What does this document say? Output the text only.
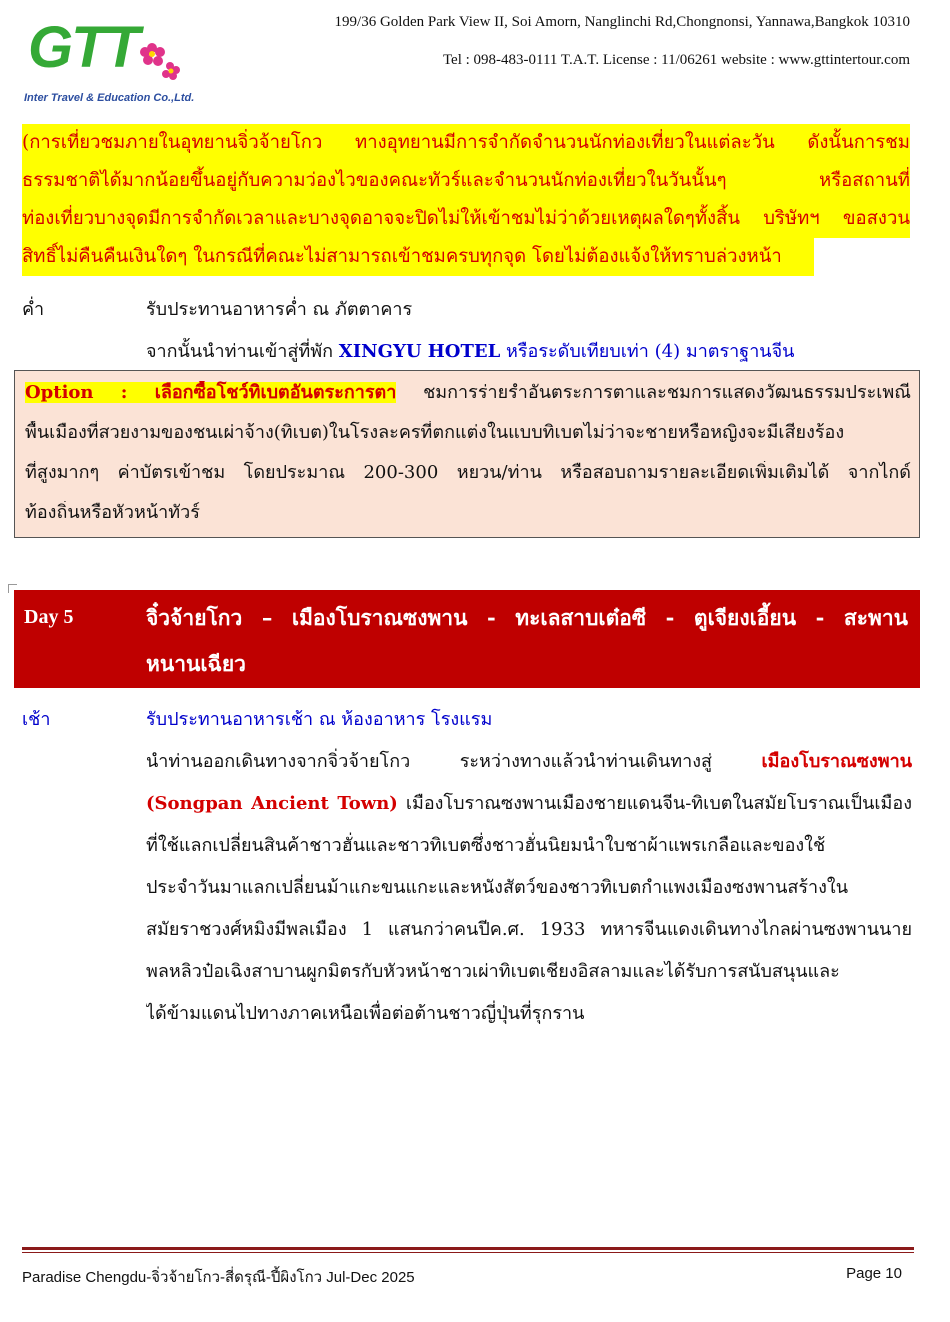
GTT
Inter Travel & Education Co.,Ltd.
199/36 Golden Park View II, Soi Amorn, Nanglinchi Rd,Chongnonsi, Yannawa,Bangkok 10310
Tel : 098-483-0111 T.A.T. License : 11/06261 website : www.gttintertour.com
(การเที่ยวชมภายในอุทยานจิ่วจ้ายโกว ทางอุทยานมีการจำกัดจำนวนนักท่องเที่ยวในแต่ละวัน ดังนั้นการชม
ธรรมชาติได้มากน้อยขึ้นอยู่กับความว่องไวของคณะทัวร์และจำนวนนักท่องเที่ยวในวันนั้นๆ หรือสถานที่
ท่องเที่ยวบางจุดมีการจำกัดเวลาและบางจุดอาจจะปิดไม่ให้เข้าชมไม่ว่าด้วยเหตุผลใดๆทั้งสิ้น บริษัทฯ ขอสงวน
สิทธิ์ไม่คืนคืนเงินใดๆ ในกรณีที่คณะไม่สามารถเข้าชมครบทุกจุด โดยไม่ต้องแจ้งให้ทราบล่วงหน้า
ค่ำ	รับประทานอาหารค่ำ ณ ภัตตาคาร
จากนั้นนำท่านเข้าสู่ที่พัก XINGYU HOTEL หรือระดับเทียบเท่า (4) มาตราฐานจีน
Option : เลือกซื้อโชว์ทิเบตอันตระการตา ชมการร่ายรำอันตระการตาและชมการแสดงวัฒนธรรมประเพณี
พื้นเมืองที่สวยงามของชนเผ่าจ้าง(ทิเบต)ในโรงละครที่ตกแต่งในแบบทิเบตไม่ว่าจะชายหรือหญิงจะมีเสียงร้อง
ที่สูงมากๆ ค่าบัตรเข้าชม โดยประมาณ 200-300 หยวน/ท่าน หรือสอบถามรายละเอียดเพิ่มเติมได้ จากไกด์
ท้องถิ่นหรือหัวหน้าทัวร์
Day 5	จิ๋วจ้ายโกว – เมืองโบราณซงพาน - ทะเลสาบเต๋อซี - ตูเจียงเอี้ยน - สะพาน
หนานเฉียว
เช้า	รับประทานอาหารเช้า ณ ห้องอาหาร โรงแรม
นำท่านออกเดินทางจากจิ่วจ้ายโกว ระหว่างทางแล้วนำท่านเดินทางสู่ เมืองโบราณซงพาน
(Songpan Ancient Town) เมืองโบราณซงพานเมืองชายแดนจีน-ทิเบตในสมัยโบราณเป็นเมือง
ที่ใช้แลกเปลี่ยนสินค้าชาวฮั่นและชาวทิเบตซึ่งชาวฮั่นนิยมนำใบชาผ้าแพรเกลือและของใช้
ประจำวันมาแลกเปลี่ยนม้าแกะขนแกะและหนังสัตว์ของชาวทิเบตกำแพงเมืองซงพานสร้างใน
สมัยราชวงศ์หมิงมีพลเมือง 1 แสนกว่าคนปีค.ศ. 1933 ทหารจีนแดงเดินทางไกลผ่านซงพานนาย
พลหลิวป๋อเฉิงสาบานผูกมิตรกับหัวหน้าชาวเผ่าทิเบตเชียงอิสลามและได้รับการสนับสนุนและ
ได้ข้ามแดนไปทางภาคเหนือเพื่อต่อต้านชาวญี่ปุ่นที่รุกราน
Paradise Chengdu-จิ่วจ้ายโกว-สี่ดรุณี-ปี้ผิงโกว Jul-Dec 2025	Page 10
